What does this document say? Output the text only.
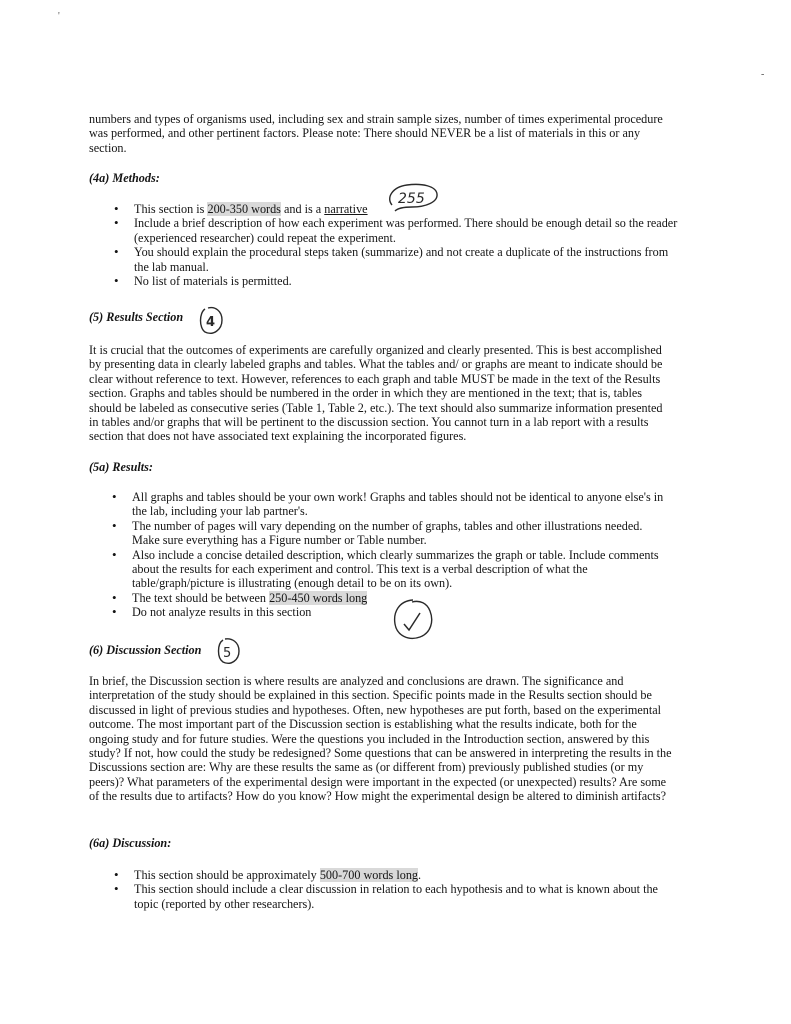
'
-

numbers and types of organisms used, including sex and strain sample sizes, number of times experimental procedure was performed, and other pertinent factors. Please note: There should NEVER be a list of materials in this or any section.

(4a) Methods:

255
• This section is 200-350 words and is a narrative
• Include a brief description of how each experiment was performed. There should be enough detail so the reader (experienced researcher) could repeat the experiment.
• You should explain the procedural steps taken (summarize) and not create a duplicate of the instructions from the lab manual.
• No list of materials is permitted.

(5) Results Section 4

It is crucial that the outcomes of experiments are carefully organized and clearly presented. This is best accomplished by presenting data in clearly labeled graphs and tables. What the tables and/ or graphs are meant to indicate should be clear without reference to text. However, references to each graph and table MUST be made in the text of the Results section. Graphs and tables should be numbered in the order in which they are mentioned in the text; that is, tables should be labeled as consecutive series (Table 1, Table 2, etc.). The text should also summarize information presented in tables and/or graphs that will be pertinent to the discussion section. You cannot turn in a lab report with a results section that does not have associated text explaining the incorporated figures.

(5a) Results:

• All graphs and tables should be your own work! Graphs and tables should not be identical to anyone else's in the lab, including your lab partner's.
• The number of pages will vary depending on the number of graphs, tables and other illustrations needed. Make sure everything has a Figure number or Table number.
• Also include a concise detailed description, which clearly summarizes the graph or table. Include comments about the results for each experiment and control. This text is a verbal description of what the table/graph/picture is illustrating (enough detail to be on its own).
• The text should be between 250-450 words long
• Do not analyze results in this section

(6) Discussion Section 5

In brief, the Discussion section is where results are analyzed and conclusions are drawn. The significance and interpretation of the study should be explained in this section. Specific points made in the Results section should be discussed in light of previous studies and hypotheses. Often, new hypotheses are put forth, based on the experimental outcome. The most important part of the Discussion section is establishing what the results indicate, both for the ongoing study and for future studies. Were the questions you included in the Introduction section, answered by this study? If not, how could the study be redesigned? Some questions that can be answered in interpreting the results in the Discussions section are: Why are these results the same as (or different from) previously published studies (or my peers)? What parameters of the experimental design were important in the expected (or unexpected) results? Are some of the results due to artifacts? How do you know? How might the experimental design be altered to diminish artifacts?

(6a) Discussion:

• This section should be approximately 500-700 words long.
• This section should include a clear discussion in relation to each hypothesis and to what is known about the topic (reported by other researchers).
